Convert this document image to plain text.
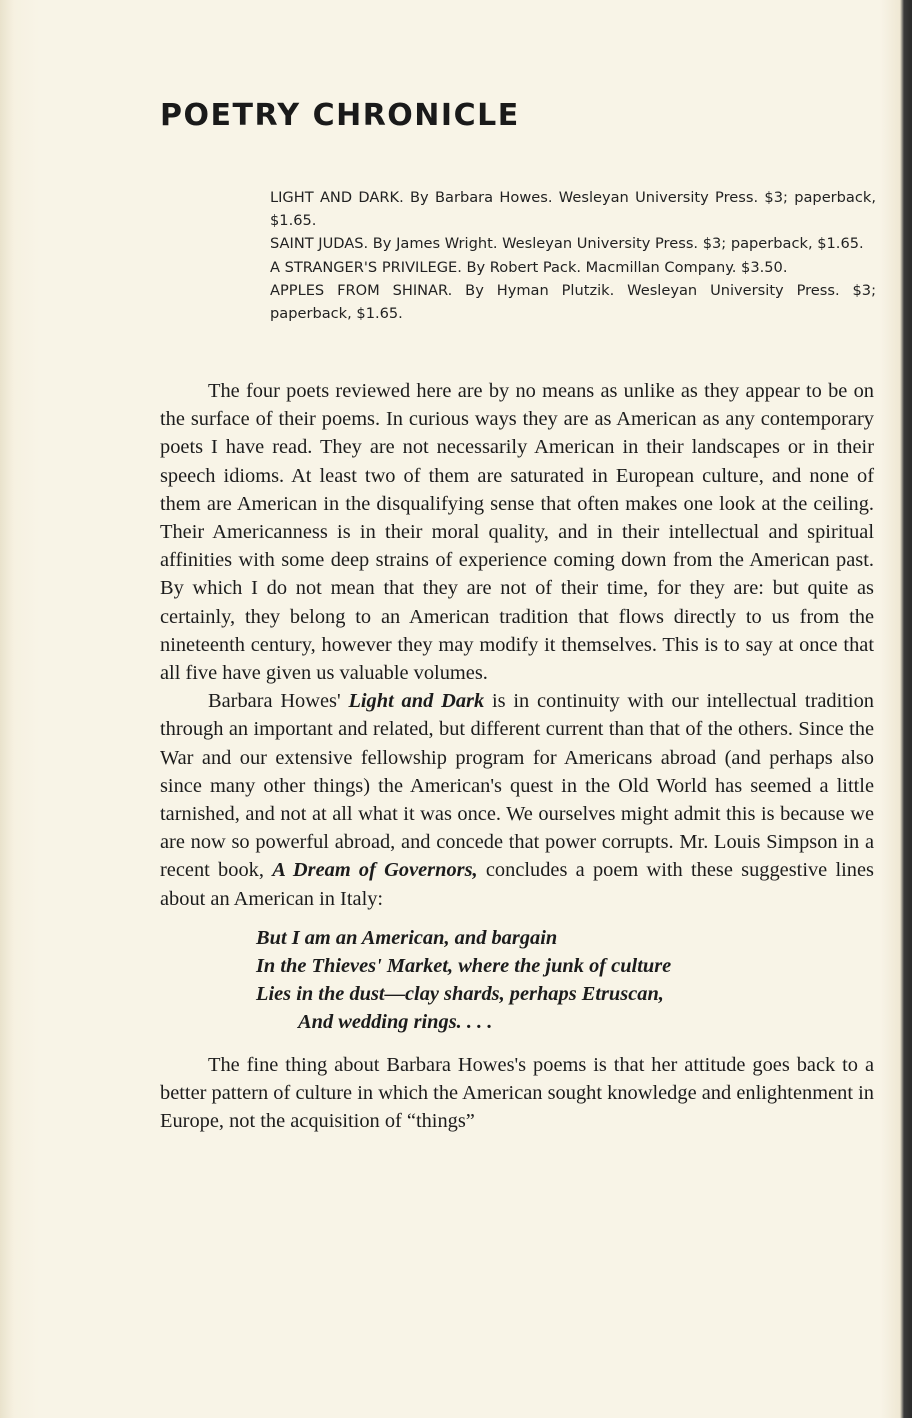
POETRY CHRONICLE

LIGHT AND DARK. By Barbara Howes. Wesleyan University Press. $3; paperback, $1.65.

SAINT JUDAS. By James Wright. Wesleyan University Press. $3; paperback, $1.65.

A STRANGER'S PRIVILEGE. By Robert Pack. Macmillan Company. $3.50.

APPLES FROM SHINAR. By Hyman Plutzik. Wesleyan University Press. $3; paperback, $1.65.

The four poets reviewed here are by no means as unlike as they appear to be on the surface of their poems. In curious ways they are as American as any contemporary poets I have read. They are not necessarily American in their landscapes or in their speech idioms. At least two of them are saturated in European culture, and none of them are American in the disqualifying sense that often makes one look at the ceiling. Their Americanness is in their moral quality, and in their intellectual and spiritual affinities with some deep strains of experience coming down from the American past. By which I do not mean that they are not of their time, for they are: but quite as certainly, they belong to an American tradition that flows directly to us from the nineteenth century, however they may modify it themselves. This is to say at once that all five have given us valuable volumes.

Barbara Howes' Light and Dark is in continuity with our intellectual tradition through an important and related, but different current than that of the others. Since the War and our extensive fellowship program for Americans abroad (and perhaps also since many other things) the American's quest in the Old World has seemed a little tarnished, and not at all what it was once. We ourselves might admit this is because we are now so powerful abroad, and concede that power corrupts. Mr. Louis Simpson in a recent book, A Dream of Governors, concludes a poem with these suggestive lines about an American in Italy:

But I am an American, and bargain
In the Thieves' Market, where the junk of culture
Lies in the dust—clay shards, perhaps Etruscan,
And wedding rings. . . .

The fine thing about Barbara Howes's poems is that her attitude goes back to a better pattern of culture in which the American sought knowledge and enlightenment in Europe, not the acquisition of “things”
